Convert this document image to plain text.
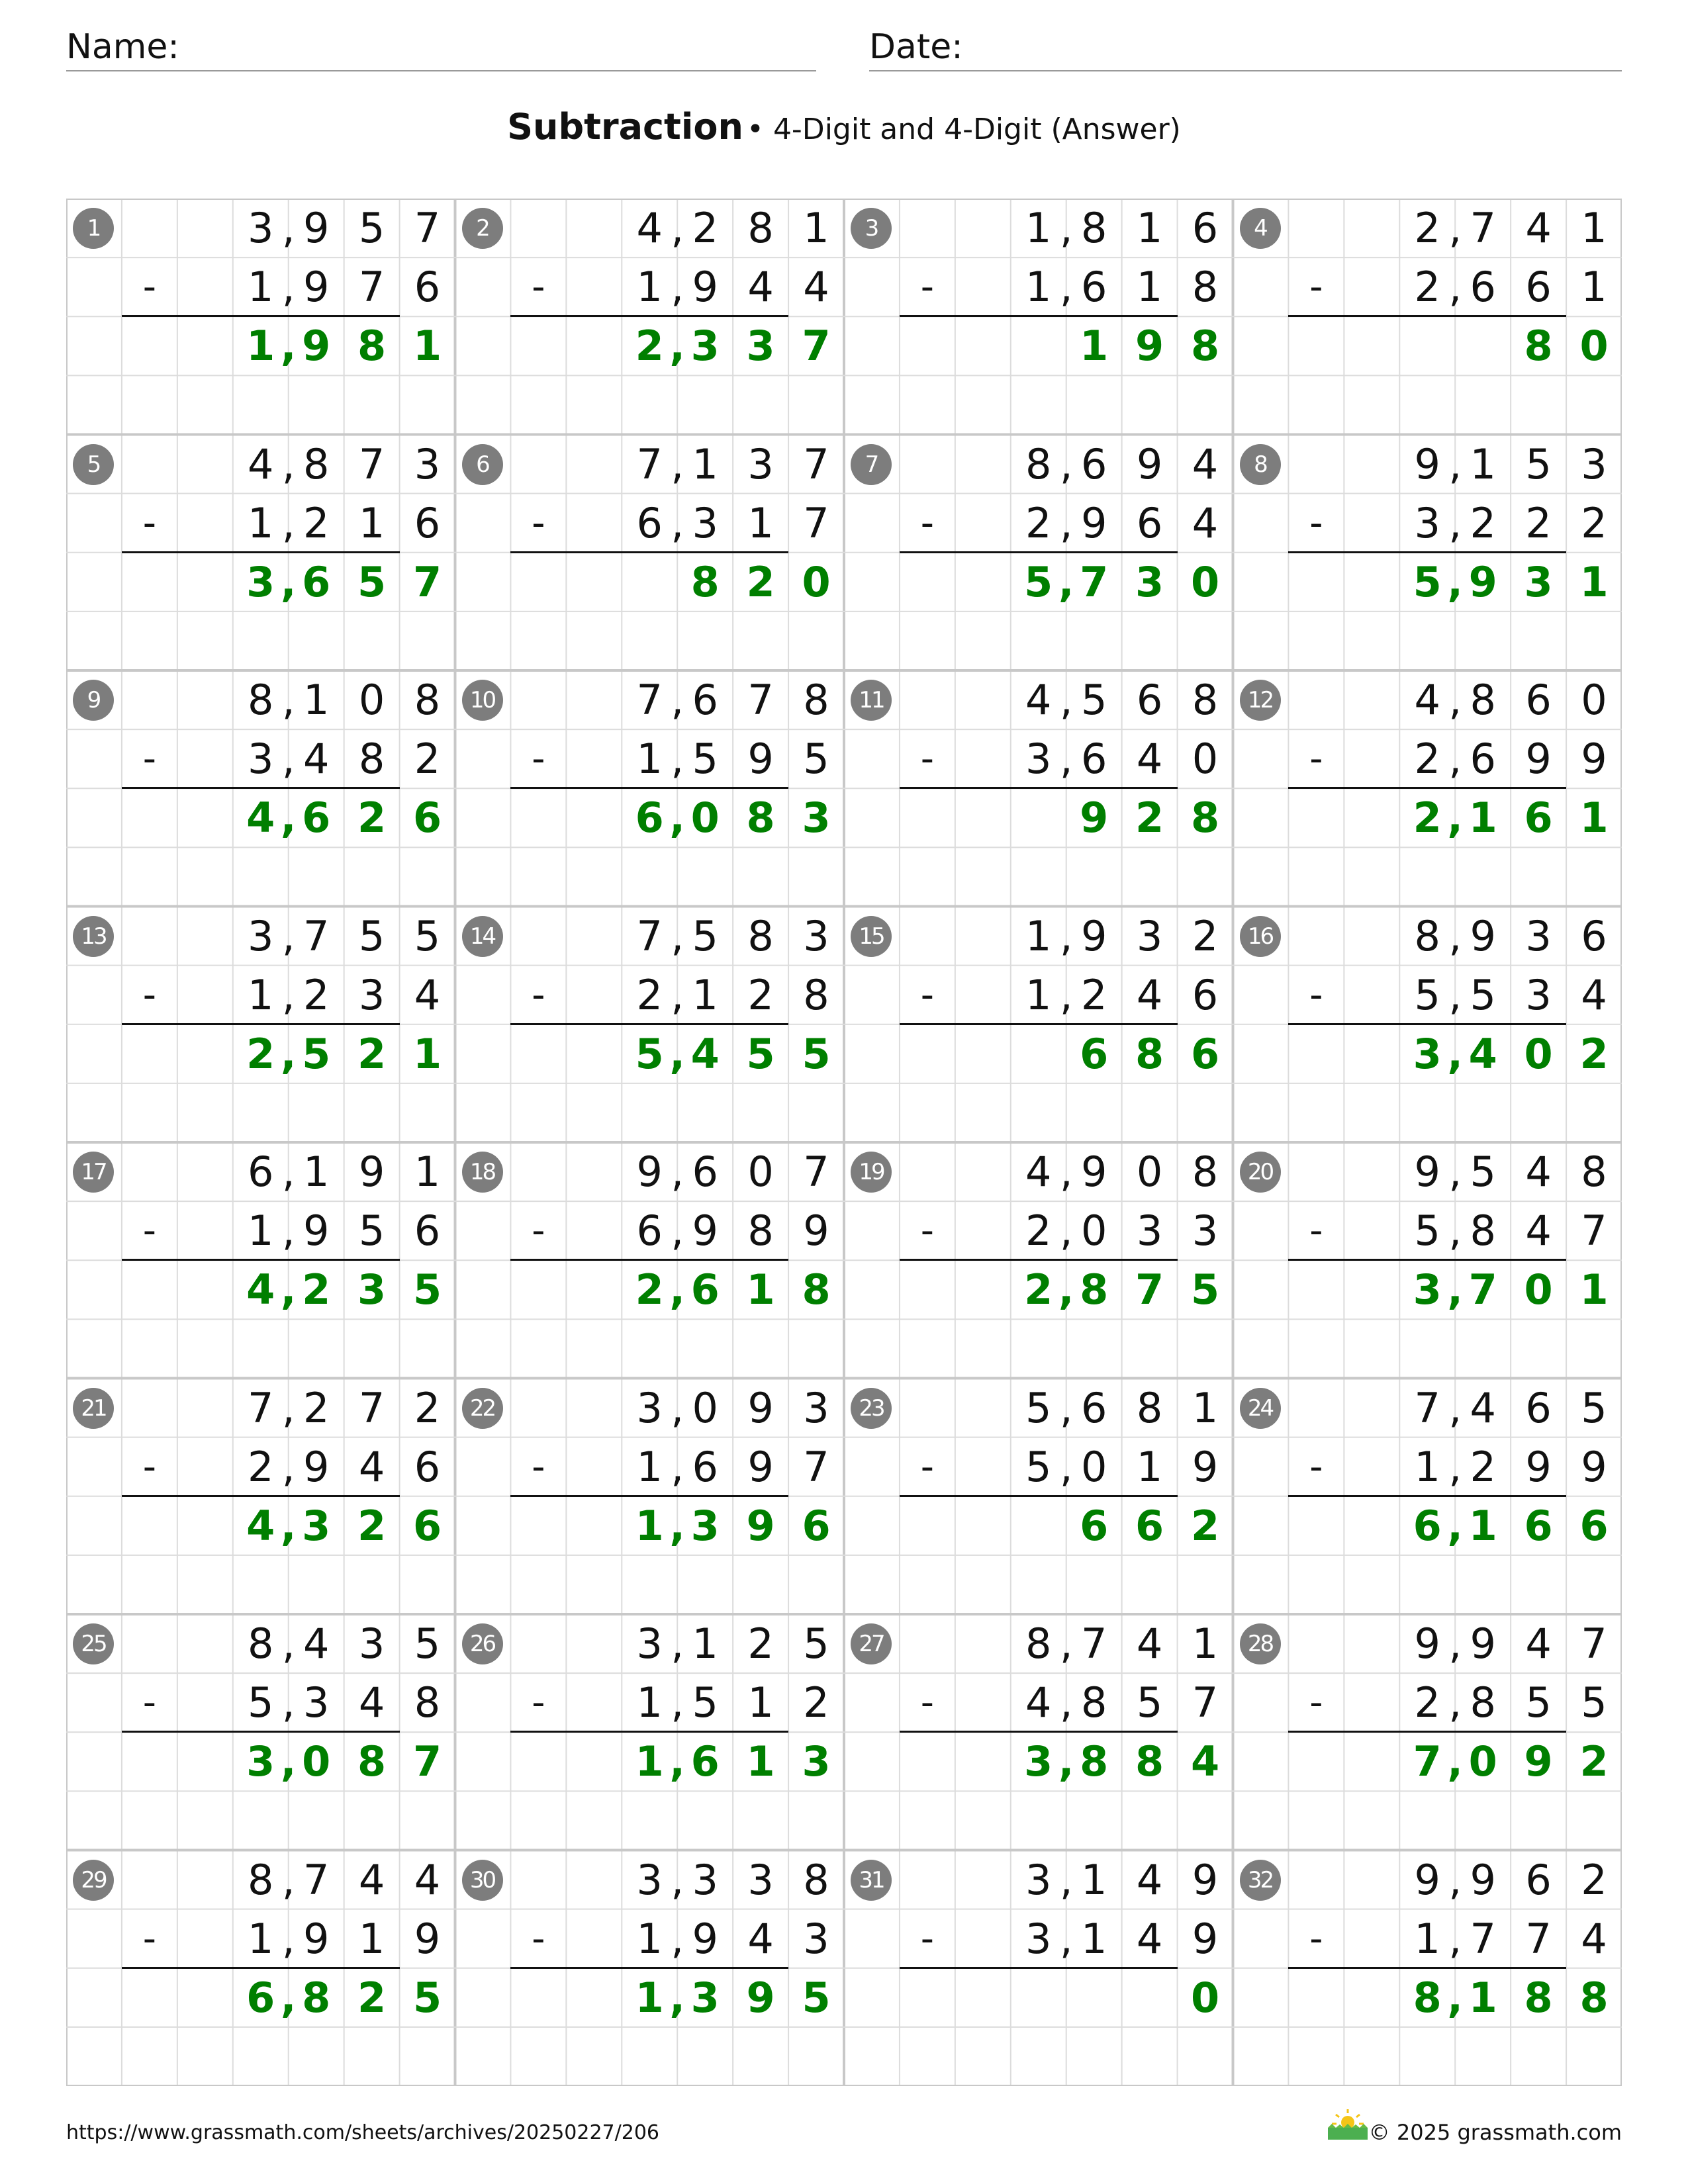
Name:	Date:
Subtraction • 4-Digit and 4-Digit (Answer)
1	3 9 5 7
,
-	1 9 7 6
,
1 9 8 1
,
2	4 2 8 1
,
-	1 9 4 4
,
2 3 3 7
,
3	1 8 1 6
,
-	1 6 1 8
,
1 9 8
4	2 7 4 1
,
-	2 6 6 1
,
8 0
5	4 8 7 3
,
-	1 2 1 6
,
3 6 5 7
,
6	7 1 3 7
,
-	6 3 1 7
,
8 2 0
7	8 6 9 4
,
-	2 9 6 4
,
5 7 3 0
,
8	9 1 5 3
,
-	3 2 2 2
,
5 9 3 1
,
9	8 1 0 8
,
-	3 4 8 2
,
4 6 2 6
,
10	7 6 7 8
,
-	1 5 9 5
,
6 0 8 3
,
11	4 5 6 8
,
-	3 6 4 0
,
9 2 8
12	4 8 6 0
,
-	2 6 9 9
,
2 1 6 1
,
13	3 7 5 5
,
-	1 2 3 4
,
2 5 2 1
,
14	7 5 8 3
,
-	2 1 2 8
,
5 4 5 5
,
15	1 9 3 2
,
-	1 2 4 6
,
6 8 6
16	8 9 3 6
,
-	5 5 3 4
,
3 4 0 2
,
17	6 1 9 1
,
-	1 9 5 6
,
4 2 3 5
,
18	9 6 0 7
,
-	6 9 8 9
,
2 6 1 8
,
19	4 9 0 8
,
-	2 0 3 3
,
2 8 7 5
,
20	9 5 4 8
,
-	5 8 4 7
,
3 7 0 1
,
21	7 2 7 2
,
-	2 9 4 6
,
4 3 2 6
,
22	3 0 9 3
,
-	1 6 9 7
,
1 3 9 6
,
23	5 6 8 1
,
-	5 0 1 9
,
6 6 2
24	7 4 6 5
,
-	1 2 9 9
,
6 1 6 6
,
25	8 4 3 5
,
-	5 3 4 8
,
3 0 8 7
,
26	3 1 2 5
,
-	1 5 1 2
,
1 6 1 3
,
27	8 7 4 1
,
-	4 8 5 7
,
3 8 8 4
,
28	9 9 4 7
,
-	2 8 5 5
,
7 0 9 2
,
29	8 7 4 4
,
-	1 9 1 9
,
6 8 2 5
,
30	3 3 3 8
,
-	1 9 4 3
,
1 3 9 5
,
31	3 1 4 9
,
-	3 1 4 9
,
0
32	9 9 6 2
,
-	1 7 7 4
,
8 1 8 8
,
https://www.grassmath.com/sheets/archives/20250227/206	© 2025 grassmath.com
